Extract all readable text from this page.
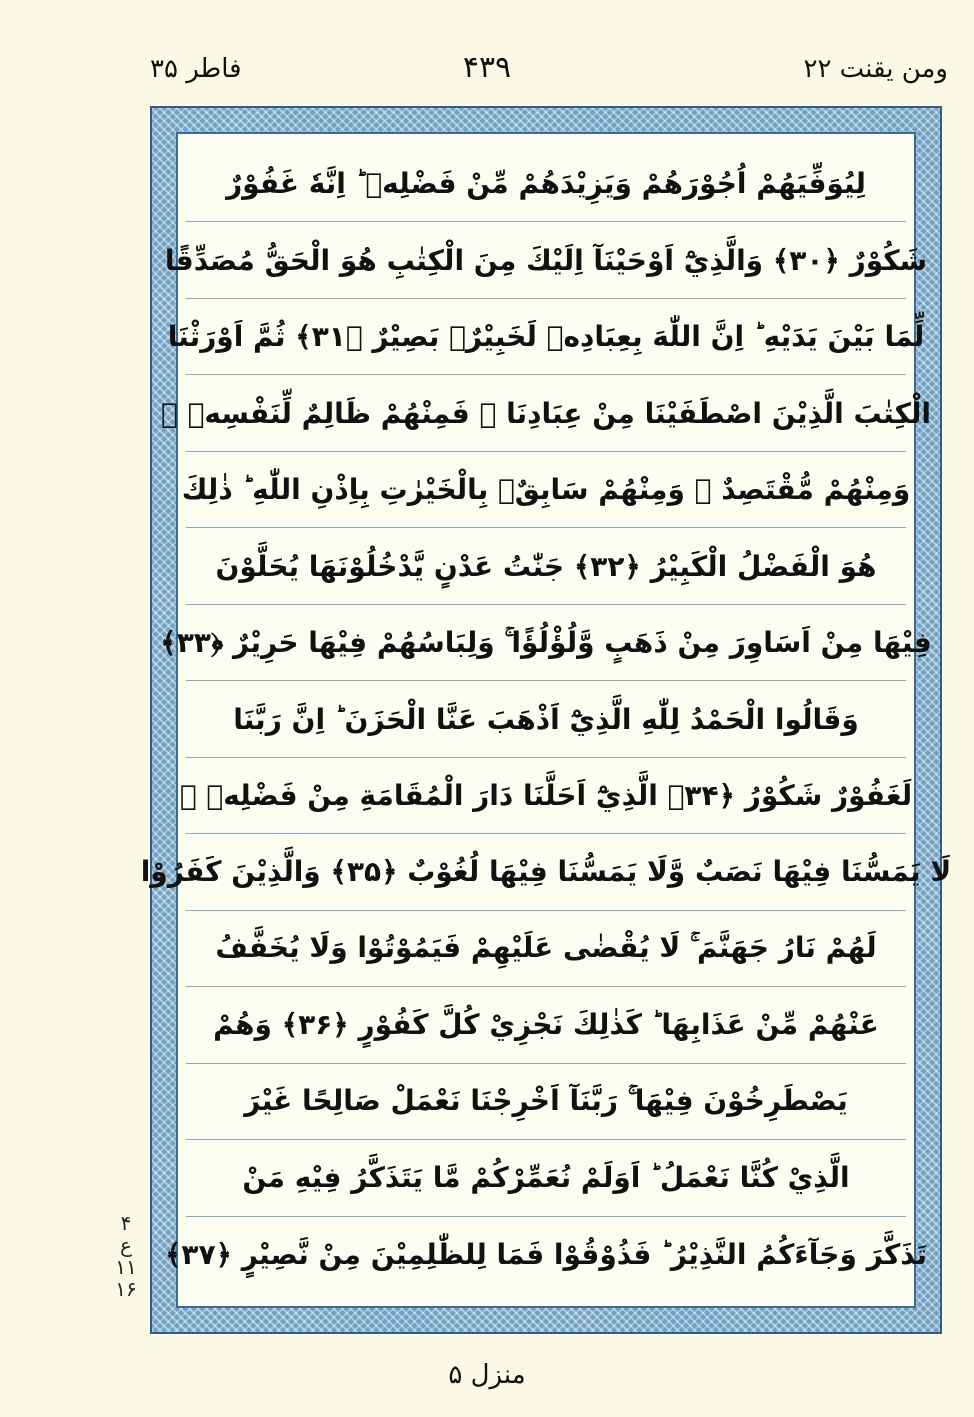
فاطر ۳۵	۴۳۹	ومن یقنت ۲۲
لِيُوَفِّيَهُمْ اُجُوْرَهُمْ وَيَزِيْدَهُمْ مِّنْ فَضْلِهٖ ؕ اِنَّهٗ غَفُوْرٌ
شَكُوْرٌ ﴿۳۰﴾ وَالَّذِيْٓ اَوْحَيْنَآ اِلَيْكَ مِنَ الْكِتٰبِ هُوَ الْحَقُّ مُصَدِّقًا
لِّمَا بَيْنَ يَدَيْهِ ؕ اِنَّ اللّٰهَ بِعِبَادِهٖ لَخَبِيْرٌۢ بَصِيْرٌ ﴿۳۱﴾ ثُمَّ اَوْرَثْنَا
الْكِتٰبَ الَّذِيْنَ اصْطَفَيْنَا مِنْ عِبَادِنَا ۚ فَمِنْهُمْ ظَالِمٌ لِّنَفْسِهٖ ۚ
وَمِنْهُمْ مُّقْتَصِدٌ ۚ وَمِنْهُمْ سَابِقٌۢ بِالْخَيْرٰتِ بِاِذْنِ اللّٰهِ ؕ ذٰلِكَ
هُوَ الْفَضْلُ الْكَبِيْرُ ﴿۳۲﴾ جَنّٰتُ عَدْنٍ يَّدْخُلُوْنَهَا يُحَلَّوْنَ
فِيْهَا مِنْ اَسَاوِرَ مِنْ ذَهَبٍ وَّلُؤْلُؤًا ۚ وَلِبَاسُهُمْ فِيْهَا حَرِيْرٌ ﴿۳۳﴾
وَقَالُوا الْحَمْدُ لِلّٰهِ الَّذِيْٓ اَذْهَبَ عَنَّا الْحَزَنَ ؕ اِنَّ رَبَّنَا
لَغَفُوْرٌ شَكُوْرُ ﴿۳۴﴾ الَّذِيْٓ اَحَلَّنَا دَارَ الْمُقَامَةِ مِنْ فَضْلِهٖ ۚ
لَا يَمَسُّنَا فِيْهَا نَصَبٌ وَّلَا يَمَسُّنَا فِيْهَا لُغُوْبٌ ﴿۳۵﴾ وَالَّذِيْنَ كَفَرُوْا
لَهُمْ نَارُ جَهَنَّمَ ۚ لَا يُقْضٰى عَلَيْهِمْ فَيَمُوْتُوْا وَلَا يُخَفَّفُ
عَنْهُمْ مِّنْ عَذَابِهَا ؕ كَذٰلِكَ نَجْزِيْ كُلَّ كَفُوْرٍ ﴿۳۶﴾ وَهُمْ
يَصْطَرِخُوْنَ فِيْهَا ۚ رَبَّنَآ اَخْرِجْنَا نَعْمَلْ صَالِحًا غَيْرَ
الَّذِيْ كُنَّا نَعْمَلُ ؕ اَوَلَمْ نُعَمِّرْكُمْ مَّا يَتَذَكَّرُ فِيْهِ مَنْ
تَذَكَّرَ وَجَآءَكُمُ النَّذِيْرُ ؕ فَذُوْقُوْا فَمَا لِلظّٰلِمِيْنَ مِنْ نَّصِيْرٍ ﴿۳۷﴾
۴
ع ۱۱
۱۶
منزل ۵
